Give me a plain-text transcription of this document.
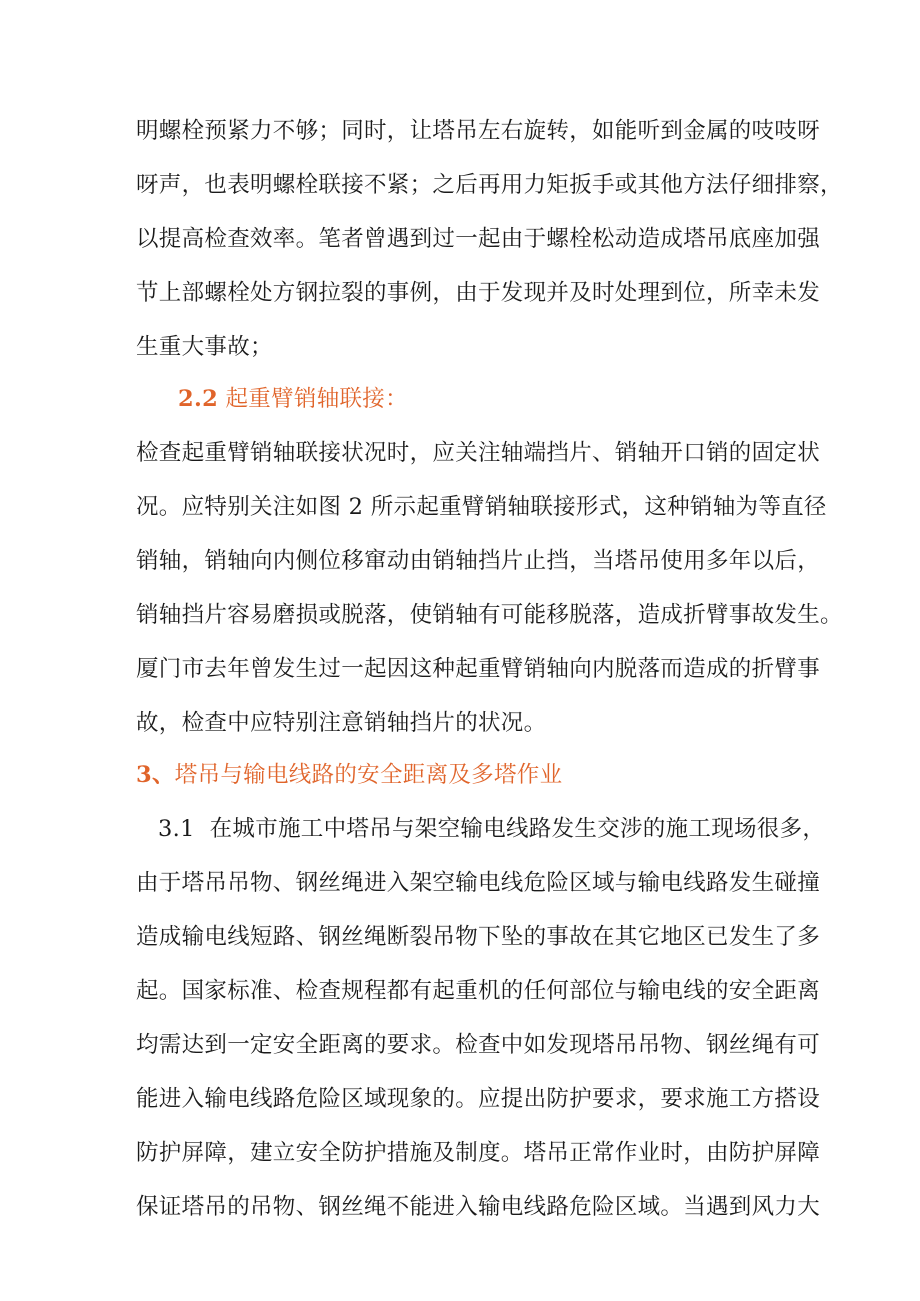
明螺栓预紧力不够；同时，让塔吊左右旋转，如能听到金属的吱吱呀
呀声，也表明螺栓联接不紧；之后再用力矩扳手或其他方法仔细排察，
以提高检查效率。笔者曾遇到过一起由于螺栓松动造成塔吊底座加强
节上部螺栓处方钢拉裂的事例，由于发现并及时处理到位，所幸未发
生重大事故；
2.2 起重臂销轴联接：
检查起重臂销轴联接状况时，应关注轴端挡片、销轴开口销的固定状
况。应特别关注如图 2 所示起重臂销轴联接形式，这种销轴为等直径
销轴，销轴向内侧位移窜动由销轴挡片止挡，当塔吊使用多年以后，
销轴挡片容易磨损或脱落，使销轴有可能移脱落，造成折臂事故发生。
厦门市去年曾发生过一起因这种起重臂销轴向内脱落而造成的折臂事
故，检查中应特别注意销轴挡片的状况。
3、塔吊与输电线路的安全距离及多塔作业
3.1 在城市施工中塔吊与架空输电线路发生交涉的施工现场很多，
由于塔吊吊物、钢丝绳进入架空输电线危险区域与输电线路发生碰撞
造成输电线短路、钢丝绳断裂吊物下坠的事故在其它地区已发生了多
起。国家标准、检查规程都有起重机的任何部位与输电线的安全距离
均需达到一定安全距离的要求。检查中如发现塔吊吊物、钢丝绳有可
能进入输电线路危险区域现象的。应提出防护要求，要求施工方搭设
防护屏障，建立安全防护措施及制度。塔吊正常作业时，由防护屏障
保证塔吊的吊物、钢丝绳不能进入输电线路危险区域。当遇到风力大
